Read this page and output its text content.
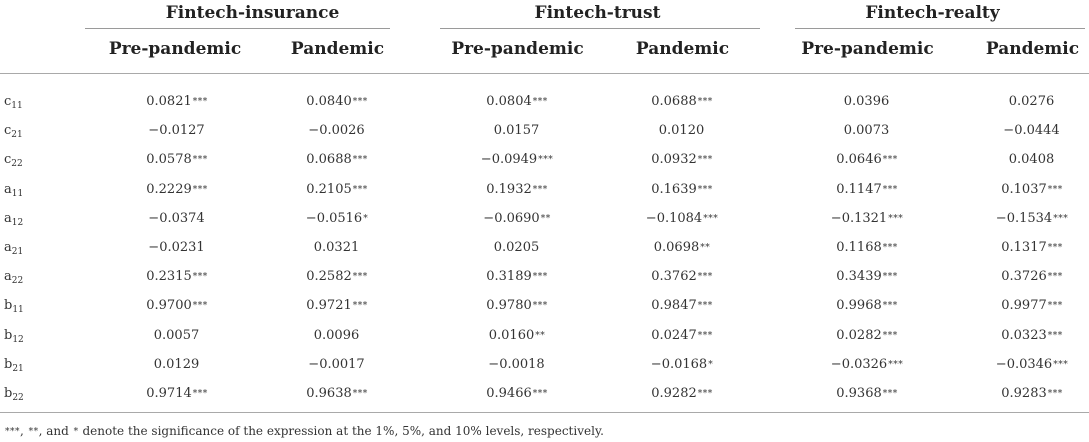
Fintech-insurance	Fintech-trust	Fintech-realty
Pre-pandemic	Pandemic	Pre-pandemic	Pandemic	Pre-pandemic	Pandemic
$c_{11}$	0.0821***	0.0840***	0.0804***	0.0688***	0.0396	0.0276
$c_{21}$	−0.0127	−0.0026	0.0157	0.0120	0.0073	−0.0444
$c_{22}$	0.0578***	0.0688***	−0.0949***	0.0932***	0.0646***	0.0408
$a_{11}$	0.2229***	0.2105***	0.1932***	0.1639***	0.1147***	0.1037***
$a_{12}$	−0.0374	−0.0516*	−0.0690**	−0.1084***	−0.1321***	−0.1534***
$a_{21}$	−0.0231	0.0321	0.0205	0.0698**	0.1168***	0.1317***
$a_{22}$	0.2315***	0.2582***	0.3189***	0.3762***	0.3439***	0.3726***
$b_{11}$	0.9700***	0.9721***	0.9780***	0.9847***	0.9968***	0.9977***
$b_{12}$	0.0057	0.0096	0.0160**	0.0247***	0.0282***	0.0323***
$b_{21}$	0.0129	−0.0017	−0.0018	−0.0168*	−0.0326***	−0.0346***
$b_{22}$	0.9714***	0.9638***	0.9466***	0.9282***	0.9368***	0.9283***
***, **, and * denote the significance of the expression at the 1%, 5%, and 10% levels, respectively.
